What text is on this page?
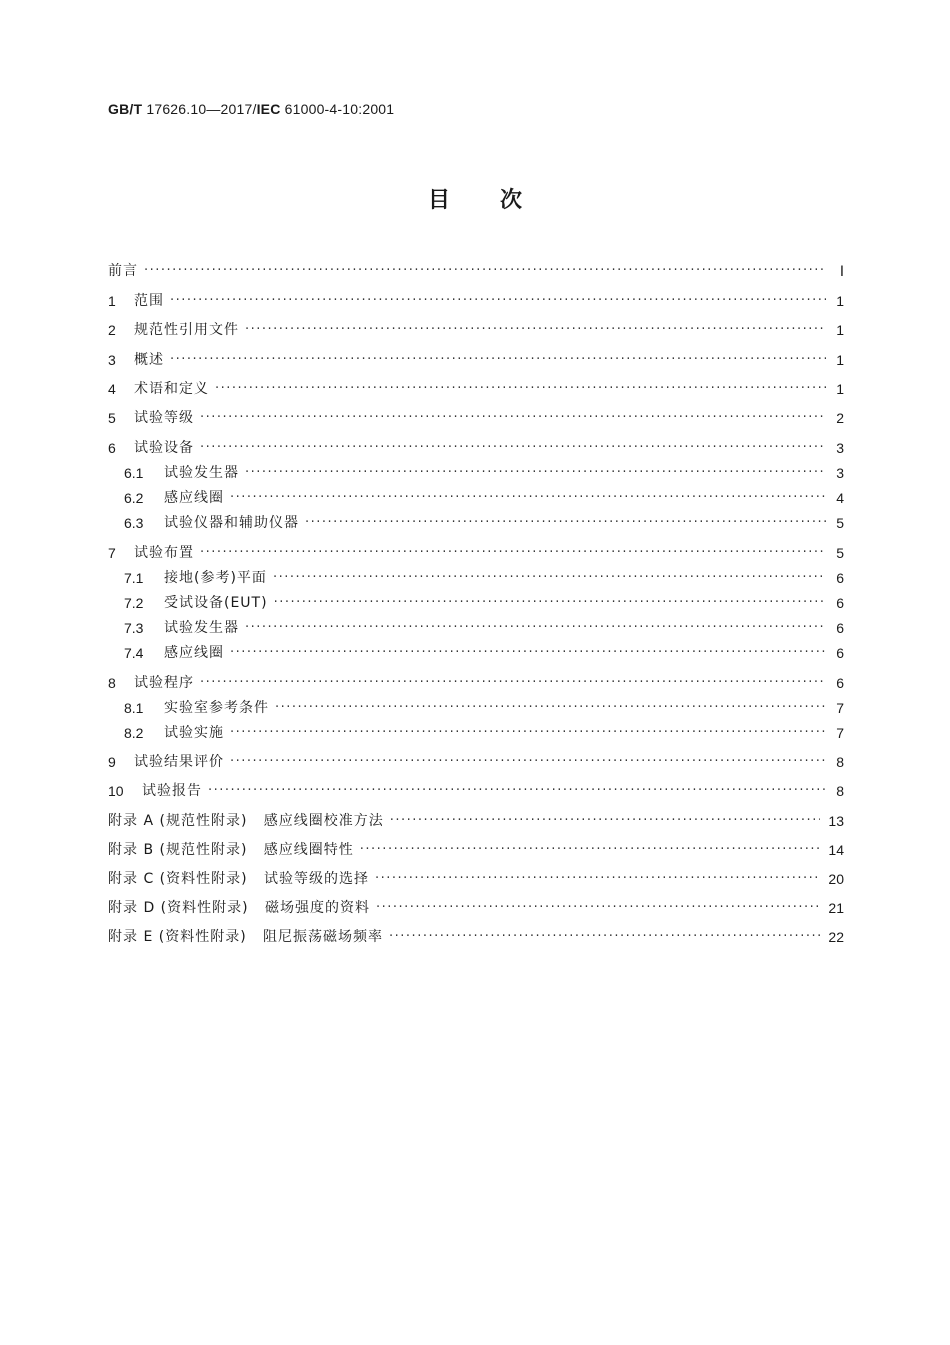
GB/T 17626.10—2017/IEC 61000-4-10:2001
目 次
前言 ·····	Ⅰ
1	范围 ·····	1
2	规范性引用文件 ·····	1
3	概述 ·····	1
4	术语和定义 ·····	1
5	试验等级 ·····	2
6	试验设备 ·····	3
6.1	试验发生器 ·····	3
6.2	感应线圈 ·····	4
6.3	试验仪器和辅助仪器 ·····	5
7	试验布置 ·····	5
7.1	接地(参考)平面 ·····	6
7.2	受试设备(EUT) ·····	6
7.3	试验发生器 ·····	6
7.4	感应线圈 ·····	6
8	试验程序 ·····	6
8.1	实验室参考条件 ·····	7
8.2	试验实施 ·····	7
9	试验结果评价 ·····	8
10	试验报告 ·····	8
附录 A (规范性附录)   感应线圈校准方法 ·····	13
附录 B (规范性附录)   感应线圈特性 ·····	14
附录 C (资料性附录)   试验等级的选择 ·····	20
附录 D (资料性附录)   磁场强度的资料 ·····	21
附录 E (资料性附录)   阻尼振荡磁场频率 ·····	22
